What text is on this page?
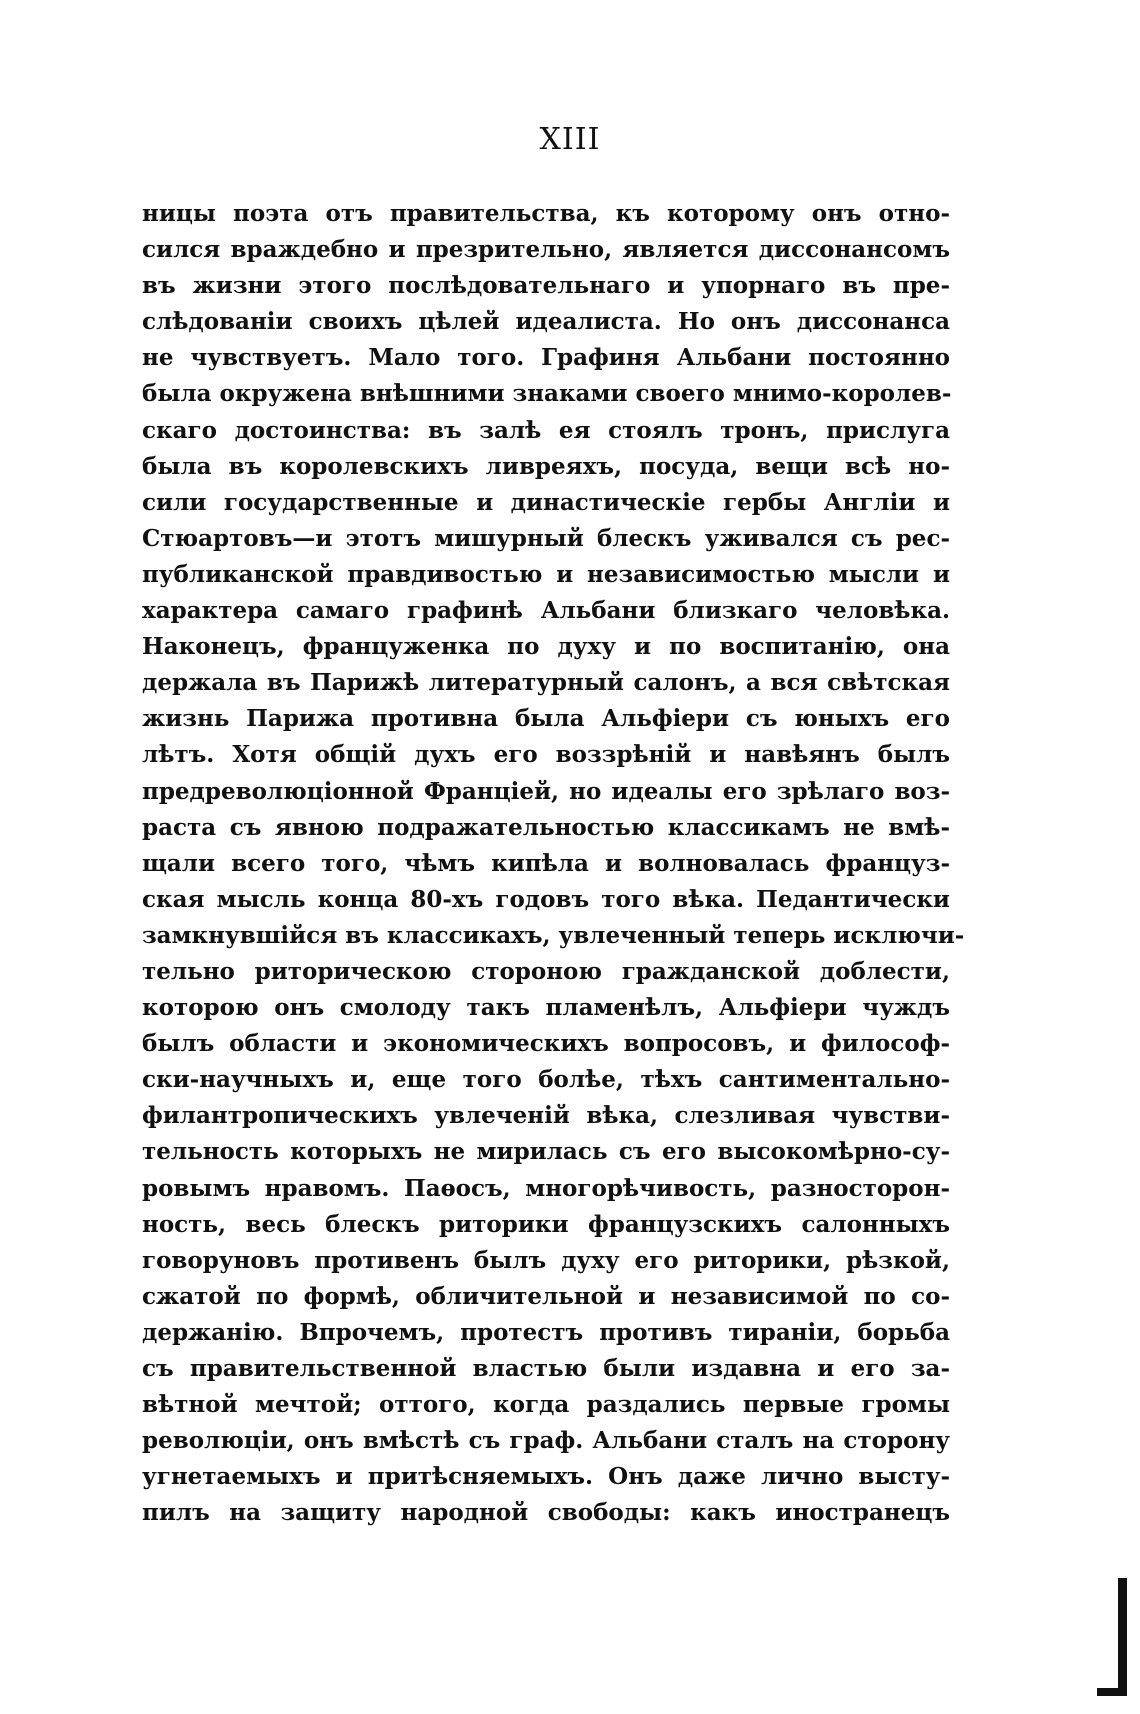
XIII
ницы поэта отъ правительства, къ которому онъ отно-
сился враждебно и презрительно, является диссонансомъ
въ жизни этого послѣдовательнаго и упорнаго въ пре-
слѣдованіи своихъ цѣлей идеалиста. Но онъ диссонанса
не чувствуетъ. Мало того. Графиня Альбани постоянно
была окружена внѣшними знаками своего мнимо-королев-
скаго достоинства: въ залѣ ея стоялъ тронъ, прислуга
была въ королевскихъ ливреяхъ, посуда, вещи всѣ но-
сили государственные и династическіе гербы Англіи и
Стюартовъ—и этотъ мишурный блескъ уживался съ рес-
публиканской правдивостью и независимостью мысли и
характера самаго графинѣ Альбани близкаго человѣка.
Наконецъ, француженка по духу и по воспитанію, она
держала въ Парижѣ литературный салонъ, а вся свѣтская
жизнь Парижа противна была Альфіери съ юныхъ его
лѣтъ. Хотя общій духъ его воззрѣній и навѣянъ былъ
предреволюціонной Франціей, но идеалы его зрѣлаго воз-
раста съ явною подражательностью классикамъ не вмѣ-
щали всего того, чѣмъ кипѣла и волновалась француз-
ская мысль конца 80-хъ годовъ того вѣка. Педантически
замкнувшійся въ классикахъ, увлеченный теперь исключи-
тельно риторическою стороною гражданской доблести,
которою онъ смолоду такъ пламенѣлъ, Альфіери чуждъ
былъ области и экономическихъ вопросовъ, и философ-
ски-научныхъ и, еще того болѣе, тѣхъ сантиментально-
филантропическихъ увлеченій вѣка, слезливая чувстви-
тельность которыхъ не мирилась съ его высокомѣрно-су-
ровымъ нравомъ. Паѳосъ, многорѣчивость, разносторон-
ность, весь блескъ риторики французскихъ салонныхъ
говоруновъ противенъ былъ духу его риторики, рѣзкой,
сжатой по формѣ, обличительной и независимой по со-
держанію. Впрочемъ, протестъ противъ тираніи, борьба
съ правительственной властью были издавна и его за-
вѣтной мечтой; оттого, когда раздались первые громы
революціи, онъ вмѣстѣ съ граф. Альбани сталъ на сторону
угнетаемыхъ и притѣсняемыхъ. Онъ даже лично высту-
пилъ на защиту народной свободы: какъ иностранецъ
